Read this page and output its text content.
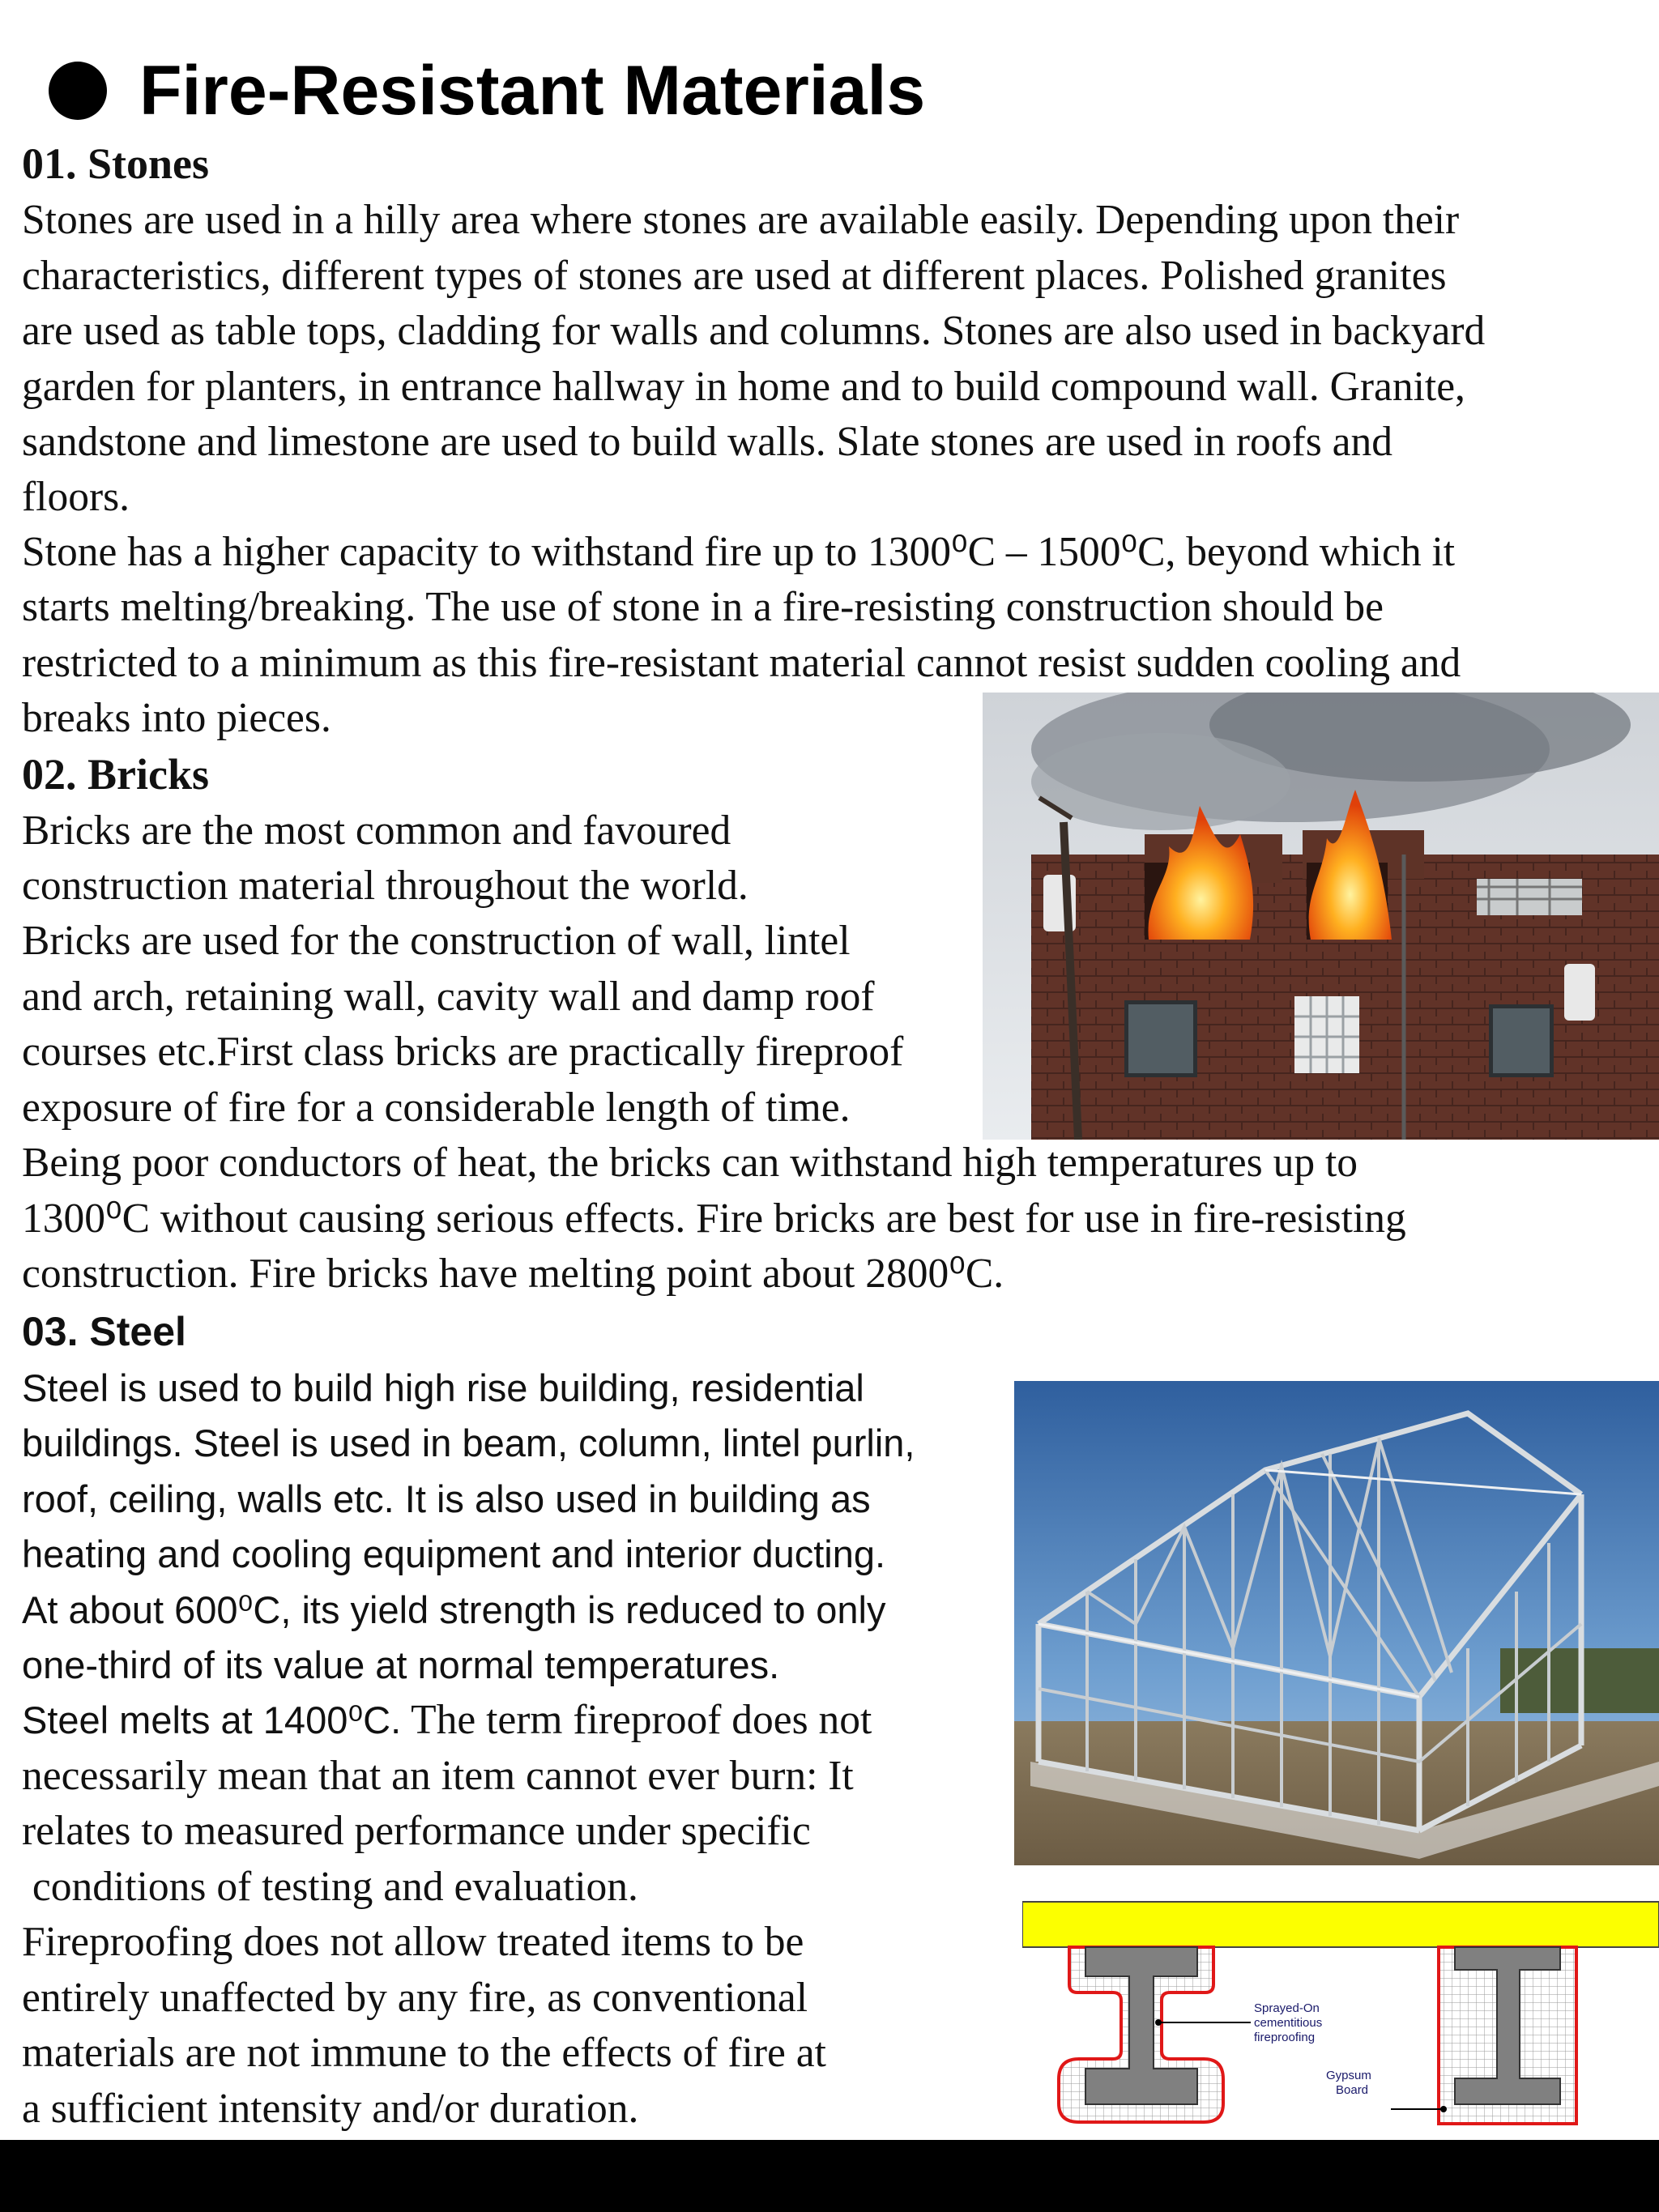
Fire-Resistant Materials
01. Stones
Stones are used in a hilly area where stones are available easily. Depending upon their
characteristics, different types of stones are used at different places. Polished granites
are used as table tops, cladding for walls and columns. Stones are also used in backyard
garden for planters, in entrance hallway in home and to build compound wall. Granite,
sandstone and limestone are used to build walls. Slate stones are used in roofs and
floors.
Stone has a higher capacity to withstand fire up to 1300⁰C – 1500⁰C, beyond which it
starts melting/breaking. The use of stone in a fire-resisting construction should be
restricted to a minimum as this fire-resistant material cannot resist sudden cooling and
breaks into pieces.
02. Bricks
Bricks are the most common and favoured
construction material throughout the world.
Bricks are used for the construction of wall, lintel
and arch, retaining wall, cavity wall and damp roof
courses etc.First class bricks are practically fireproof
exposure of fire for a considerable length of time.
Being poor conductors of heat, the bricks can withstand high temperatures up to
1300⁰C without causing serious effects. Fire bricks are best for use in fire-resisting
construction. Fire bricks have melting point about 2800⁰C.
03. Steel
Steel is used to build high rise building, residential
buildings. Steel is used in beam, column, lintel purlin,
roof, ceiling, walls etc. It is also used in building as
heating and cooling equipment and interior ducting.
At about 600⁰C, its yield strength is reduced to only
one-third of its value at normal temperatures.
Steel melts at 1400⁰C. The term fireproof does not
necessarily mean that an item cannot ever burn: It
relates to measured performance under specific
conditions of testing and evaluation.
Fireproofing does not allow treated items to be
entirely unaffected by any fire, as conventional
materials are not immune to the effects of fire at
a sufficient intensity and/or duration.
Sprayed-On
cementitious
fireproofing
Gypsum
Board
